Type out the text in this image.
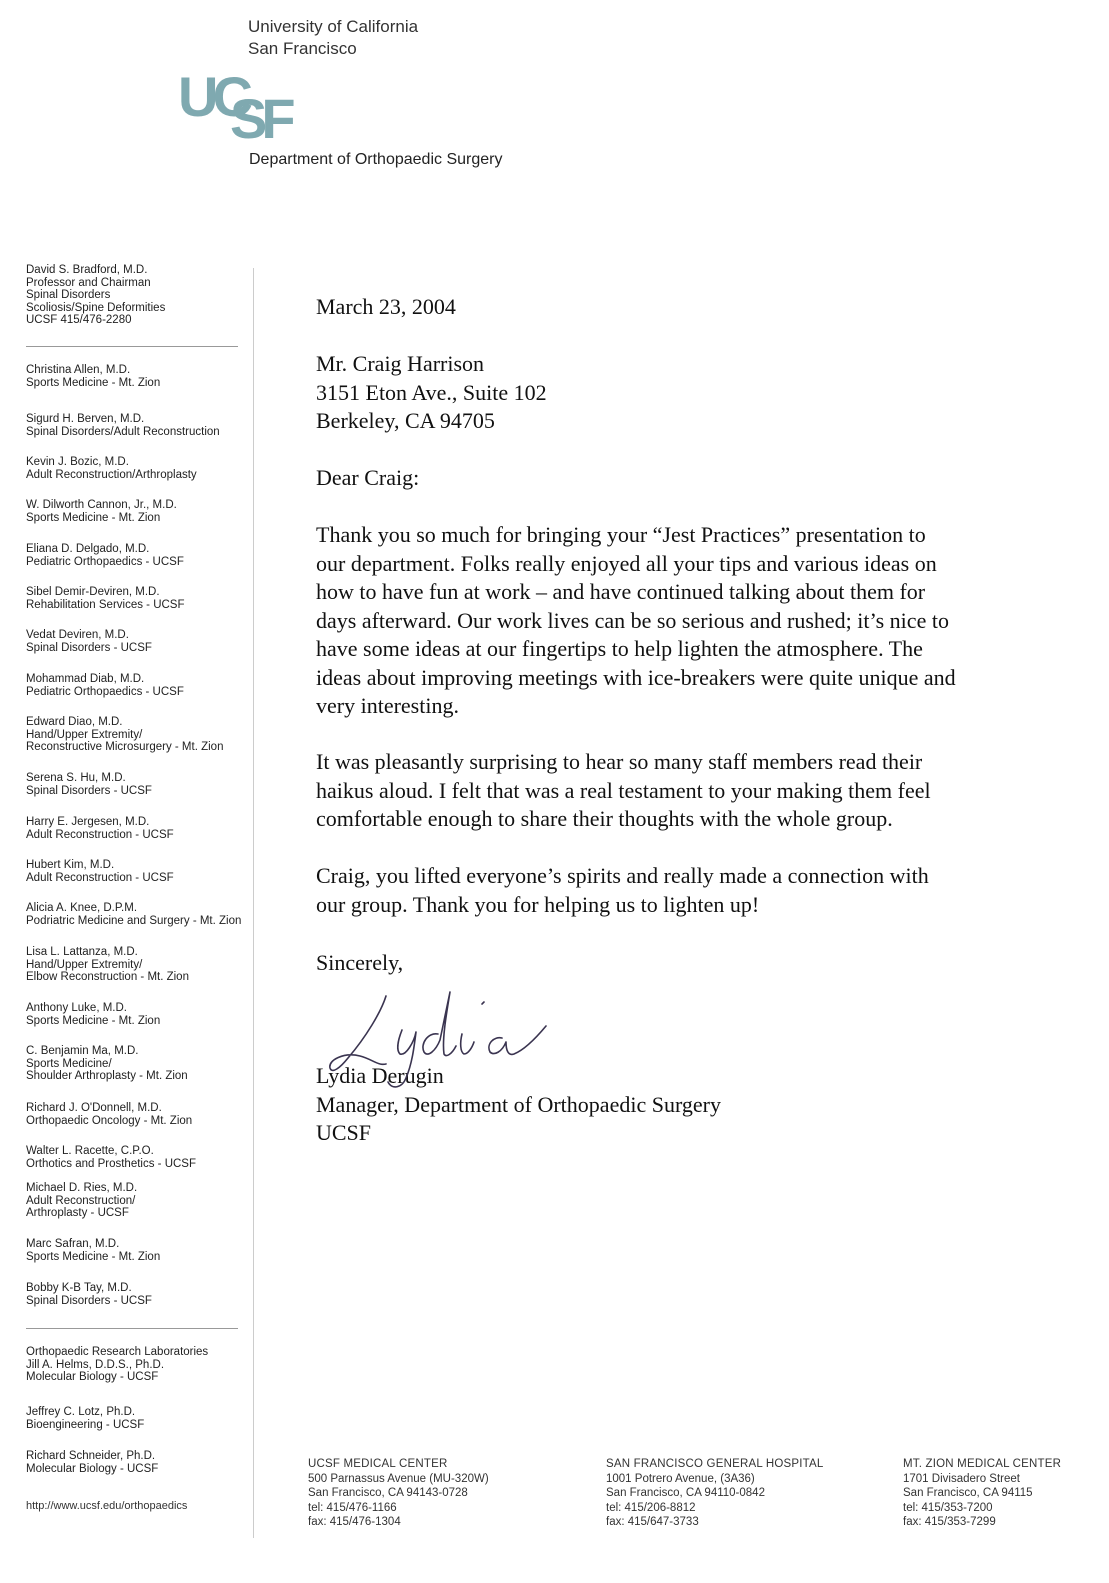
University of California
San Francisco
UC
SF
Department of Orthopaedic Surgery
David S. Bradford, M.D.
Professor and Chairman
Spinal Disorders
Scoliosis/Spine Deformities
UCSF 415/476-2280
Christina Allen, M.D.
Sports Medicine - Mt. Zion
Sigurd H. Berven, M.D.
Spinal Disorders/Adult Reconstruction
Kevin J. Bozic, M.D.
Adult Reconstruction/Arthroplasty
W. Dilworth Cannon, Jr., M.D.
Sports Medicine - Mt. Zion
Eliana D. Delgado, M.D.
Pediatric Orthopaedics - UCSF
Sibel Demir-Deviren, M.D.
Rehabilitation Services - UCSF
Vedat Deviren, M.D.
Spinal Disorders - UCSF
Mohammad Diab, M.D.
Pediatric Orthopaedics - UCSF
Edward Diao, M.D.
Hand/Upper Extremity/
Reconstructive Microsurgery - Mt. Zion
Serena S. Hu, M.D.
Spinal Disorders - UCSF
Harry E. Jergesen, M.D.
Adult Reconstruction - UCSF
Hubert Kim, M.D.
Adult Reconstruction - UCSF
Alicia A. Knee, D.P.M.
Podriatric Medicine and Surgery - Mt. Zion
Lisa L. Lattanza, M.D.
Hand/Upper Extremity/
Elbow Reconstruction - Mt. Zion
Anthony Luke, M.D.
Sports Medicine - Mt. Zion
C. Benjamin Ma, M.D.
Sports Medicine/
Shoulder Arthroplasty - Mt. Zion
Richard J. O'Donnell, M.D.
Orthopaedic Oncology - Mt. Zion
Walter L. Racette, C.P.O.
Orthotics and Prosthetics - UCSF
Michael D. Ries, M.D.
Adult Reconstruction/
Arthroplasty - UCSF
Marc Safran, M.D.
Sports Medicine - Mt. Zion
Bobby K-B Tay, M.D.
Spinal Disorders - UCSF
Orthopaedic Research Laboratories
Jill A. Helms, D.D.S., Ph.D.
Molecular Biology - UCSF
Jeffrey C. Lotz, Ph.D.
Bioengineering - UCSF
Richard Schneider, Ph.D.
Molecular Biology - UCSF
http://www.ucsf.edu/orthopaedics
March 23, 2004
Mr. Craig Harrison
3151 Eton Ave., Suite 102
Berkeley, CA 94705
Dear Craig:
Thank you so much for bringing your “Jest Practices” presentation to
our department. Folks really enjoyed all your tips and various ideas on
how to have fun at work – and have continued talking about them for
days afterward. Our work lives can be so serious and rushed; it’s nice to
have some ideas at our fingertips to help lighten the atmosphere. The
ideas about improving meetings with ice-breakers were quite unique and
very interesting.
It was pleasantly surprising to hear so many staff members read their
haikus aloud. I felt that was a real testament to your making them feel
comfortable enough to share their thoughts with the whole group.
Craig, you lifted everyone’s spirits and really made a connection with
our group. Thank you for helping us to lighten up!
Sincerely,
Lydia Derugin
Manager, Department of Orthopaedic Surgery
UCSF
UCSF MEDICAL CENTER
500 Parnassus Avenue (MU-320W)
San Francisco, CA 94143-0728
tel: 415/476-1166
fax: 415/476-1304
SAN FRANCISCO GENERAL HOSPITAL
1001 Potrero Avenue, (3A36)
San Francisco, CA 94110-0842
tel: 415/206-8812
fax: 415/647-3733
MT. ZION MEDICAL CENTER
1701 Divisadero Street
San Francisco, CA 94115
tel: 415/353-7200
fax: 415/353-7299
